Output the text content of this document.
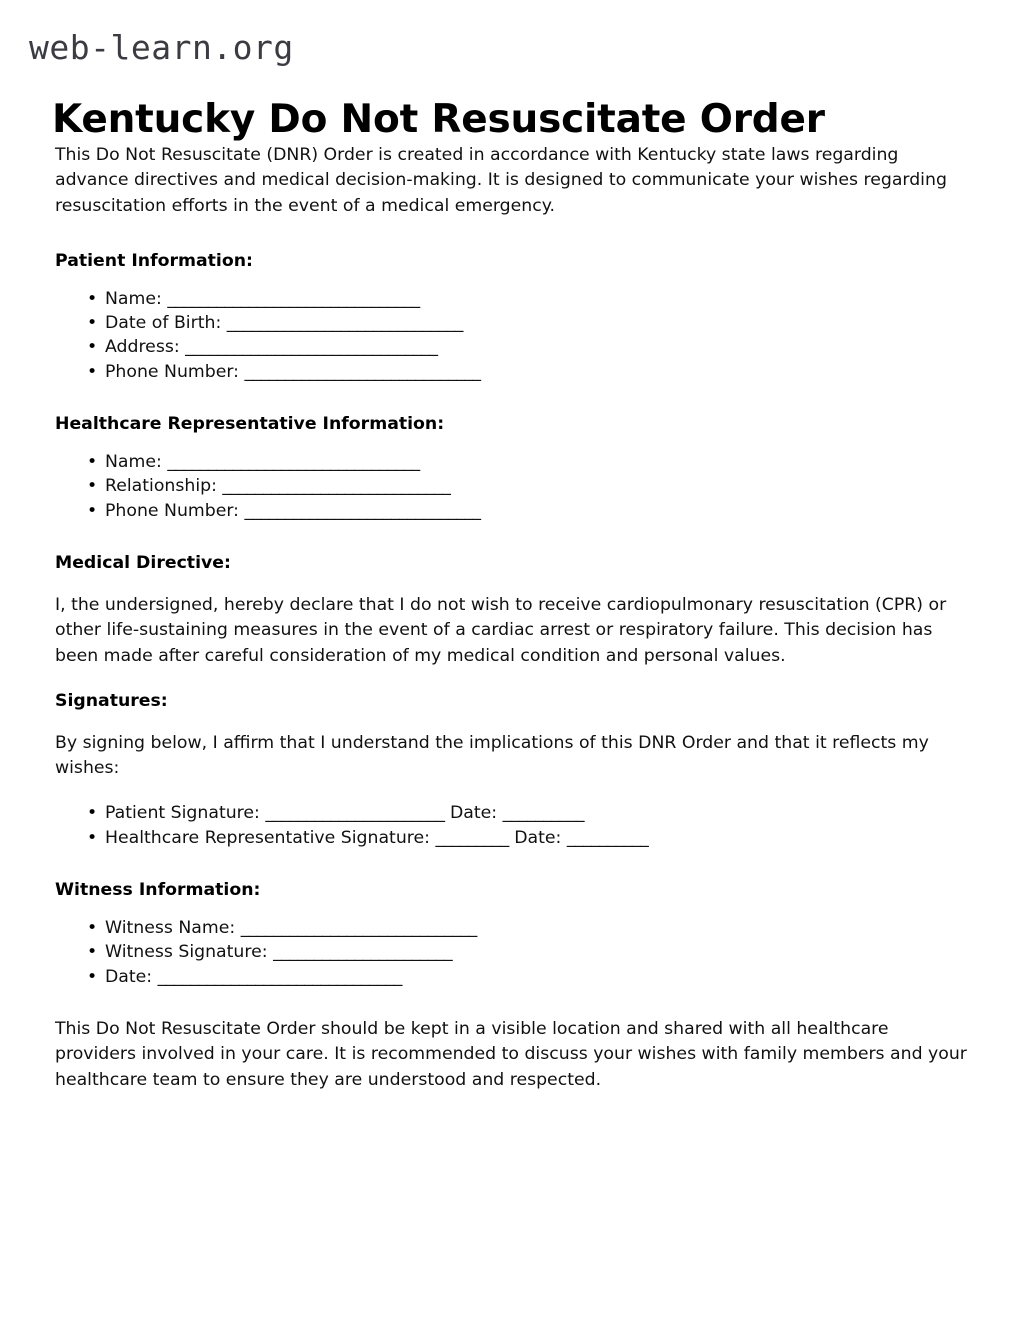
web-learn.org
Kentucky Do Not Resuscitate Order

This Do Not Resuscitate (DNR) Order is created in accordance with Kentucky state laws regarding advance directives and medical decision-making. It is designed to communicate your wishes regarding resuscitation efforts in the event of a medical emergency.

Patient Information:
• Name: _______________________________
• Date of Birth: _____________________________
• Address: _______________________________
• Phone Number: _____________________________
Healthcare Representative Information:
• Name: _______________________________
• Relationship: ____________________________
• Phone Number: _____________________________
Medical Directive:

I, the undersigned, hereby declare that I do not wish to receive cardiopulmonary resuscitation (CPR) or other life-sustaining measures in the event of a cardiac arrest or respiratory failure. This decision has been made after careful consideration of my medical condition and personal values.

Signatures:

By signing below, I affirm that I understand the implications of this DNR Order and that it reflects my wishes:

• Patient Signature: ______________________ Date: __________
• Healthcare Representative Signature: _________ Date: __________
Witness Information:
• Witness Name: _____________________________
• Witness Signature: ______________________
• Date: ______________________________

This Do Not Resuscitate Order should be kept in a visible location and shared with all healthcare providers involved in your care. It is recommended to discuss your wishes with family members and your healthcare team to ensure they are understood and respected.
